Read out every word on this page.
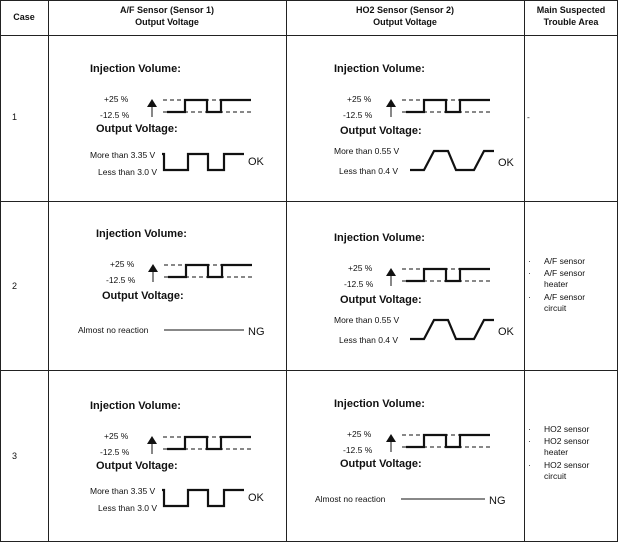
Case
A/F Sensor (Sensor 1)
Output Voltage
HO2 Sensor (Sensor 2)
Output Voltage
Main Suspected
Trouble Area
1
2
3
Injection Volume:
+25 %
-12.5 %
Output Voltage:
More than 3.35 V
Less than 3.0 V
OK
Injection Volume:
+25 %
-12.5 %
Output Voltage:
More than 0.55 V
Less than 0.4 V
OK
Injection Volume:
+25 %
-12.5 %
Output Voltage:
Almost no reaction	NG
Injection Volume:
+25 %
-12.5 %
Output Voltage:
More than 0.55 V
Less than 0.4 V
OK
Injection Volume:
+25 %
-12.5 %
Output Voltage:
More than 3.35 V
Less than 3.0 V
OK
Injection Volume:
+25 %
-12.5 %
Output Voltage:
Almost no reaction	NG
-
· A/F sensor
· A/F sensor
heater
· A/F sensor
circuit
· HO2 sensor
· HO2 sensor
heater
· HO2 sensor
circuit
